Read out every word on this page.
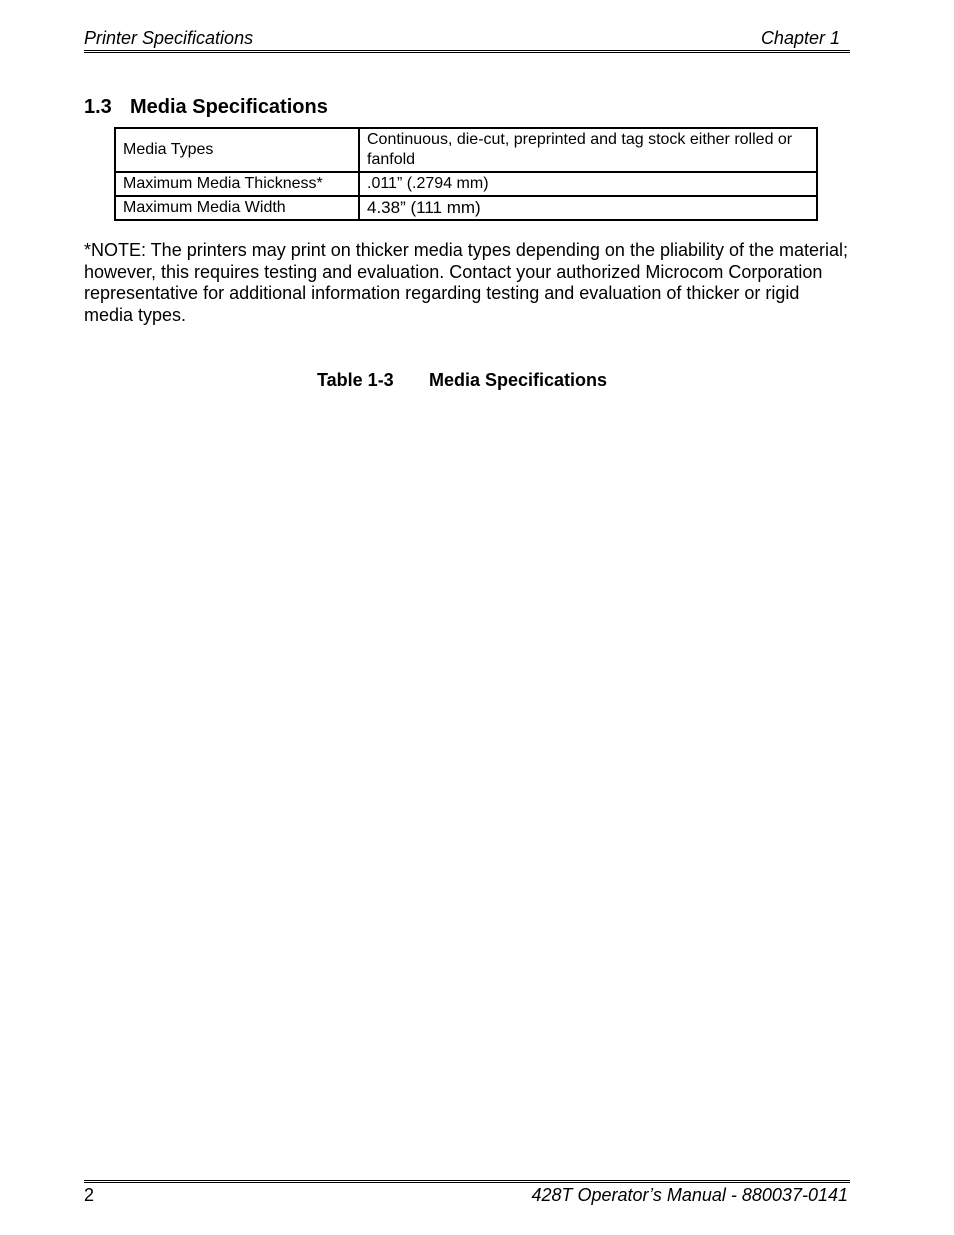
Printer Specifications	Chapter 1
1.3 Media Specifications
Media Types	Continuous, die-cut, preprinted and tag stock either rolled or fanfold
Maximum Media Thickness*	.011” (.2794 mm)
Maximum Media Width	4.38” (111 mm)
*NOTE: The printers may print on thicker media types depending on the pliability of the material; however, this requires testing and evaluation. Contact your authorized Microcom Corporation representative for additional information regarding testing and evaluation of thicker or rigid media types.
Table 1-3 Media Specifications
2	428T Operator’s Manual - 880037-0141
